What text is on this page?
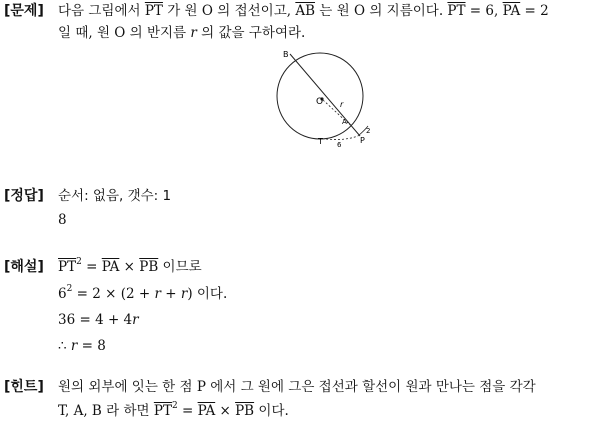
[문제] 다음 그림에서 $\overline{PT}$ 가 원 O 의 접선이고, $\overline{AB}$ 는 원 O 의 지름이다. $\overline{PT} = 6$, $\overline{PA} = 2$
일 때, 원 O 의 반지름 r 의 값을 구하여라.
B
O r
A
T 6 P
2
[정답] 순서: 없음, 갯수: 1
8
[해설] $\overline{PT}^2 = \overline{PA} \times \overline{PB}$ 이므로
$6^2 = 2 \times (2 + r + r)$ 이다.
36 = 4 + 4r
∴ r = 8
[힌트] 원의 외부에 잇는 한 점 P 에서 그 원에 그은 접선과 할선이 원과 만나는 점을 각각
T, A, B 라 하면 $\overline{PT}^2 = \overline{PA} \times \overline{PB}$ 이다.
